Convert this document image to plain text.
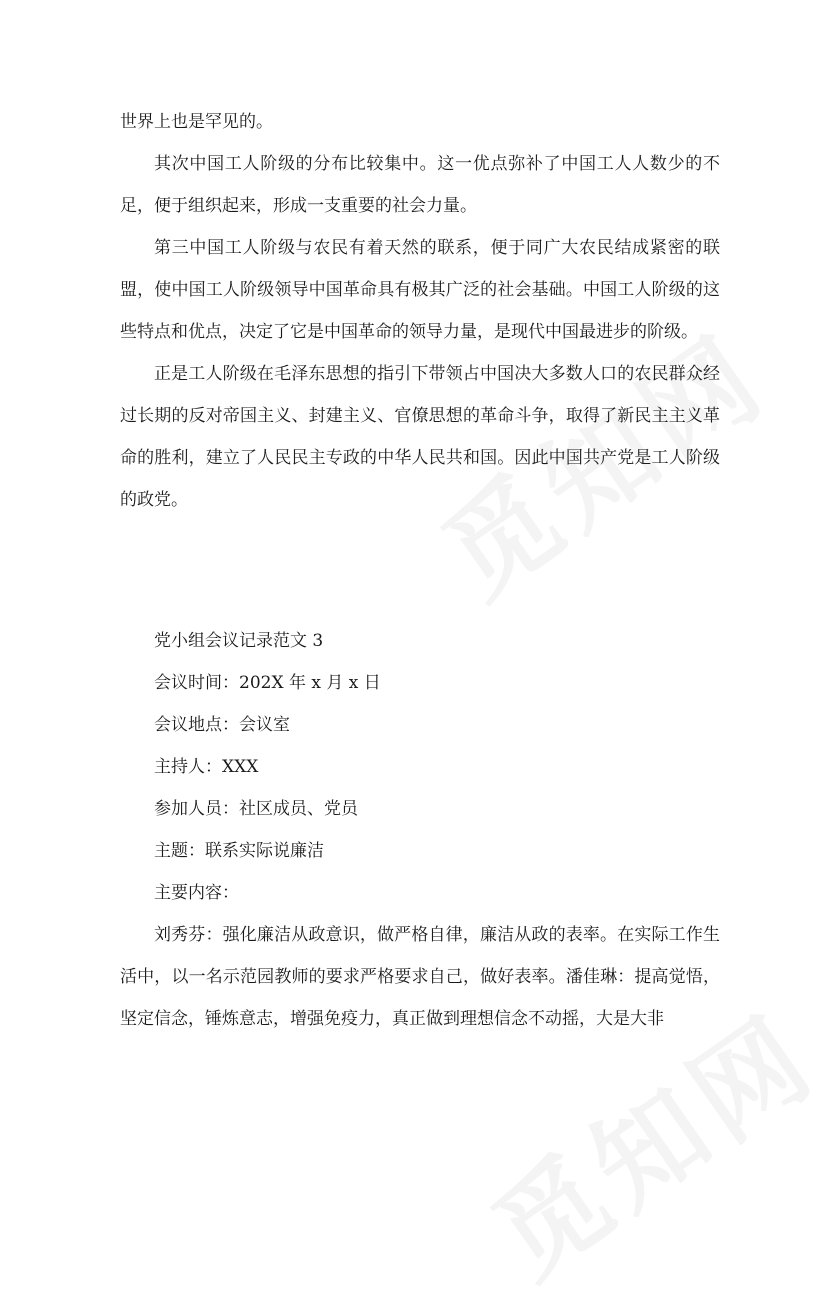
世界上也是罕见的。

其次中国工人阶级的分布比较集中。这一优点弥补了中国工人人数少的不足，便于组织起来，形成一支重要的社会力量。

第三中国工人阶级与农民有着天然的联系，便于同广大农民结成紧密的联盟，使中国工人阶级领导中国革命具有极其广泛的社会基础。中国工人阶级的这些特点和优点，决定了它是中国革命的领导力量，是现代中国最进步的阶级。

正是工人阶级在毛泽东思想的指引下带领占中国决大多数人口的农民群众经过长期的反对帝国主义、封建主义、官僚思想的革命斗争，取得了新民主主义革命的胜利，建立了人民民主专政的中华人民共和国。因此中国共产党是工人阶级的政党。

党小组会议记录范文 3

会议时间：202X 年 x 月 x 日

会议地点：会议室

主持人：XXX

参加人员：社区成员、党员

主题：联系实际说廉洁

主要内容：

刘秀芬：强化廉洁从政意识，做严格自律，廉洁从政的表率。在实际工作生活中，以一名示范园教师的要求严格要求自己，做好表率。潘佳琳：提高觉悟，坚定信念，锤炼意志，增强免疫力，真正做到理想信念不动摇，大是大非
